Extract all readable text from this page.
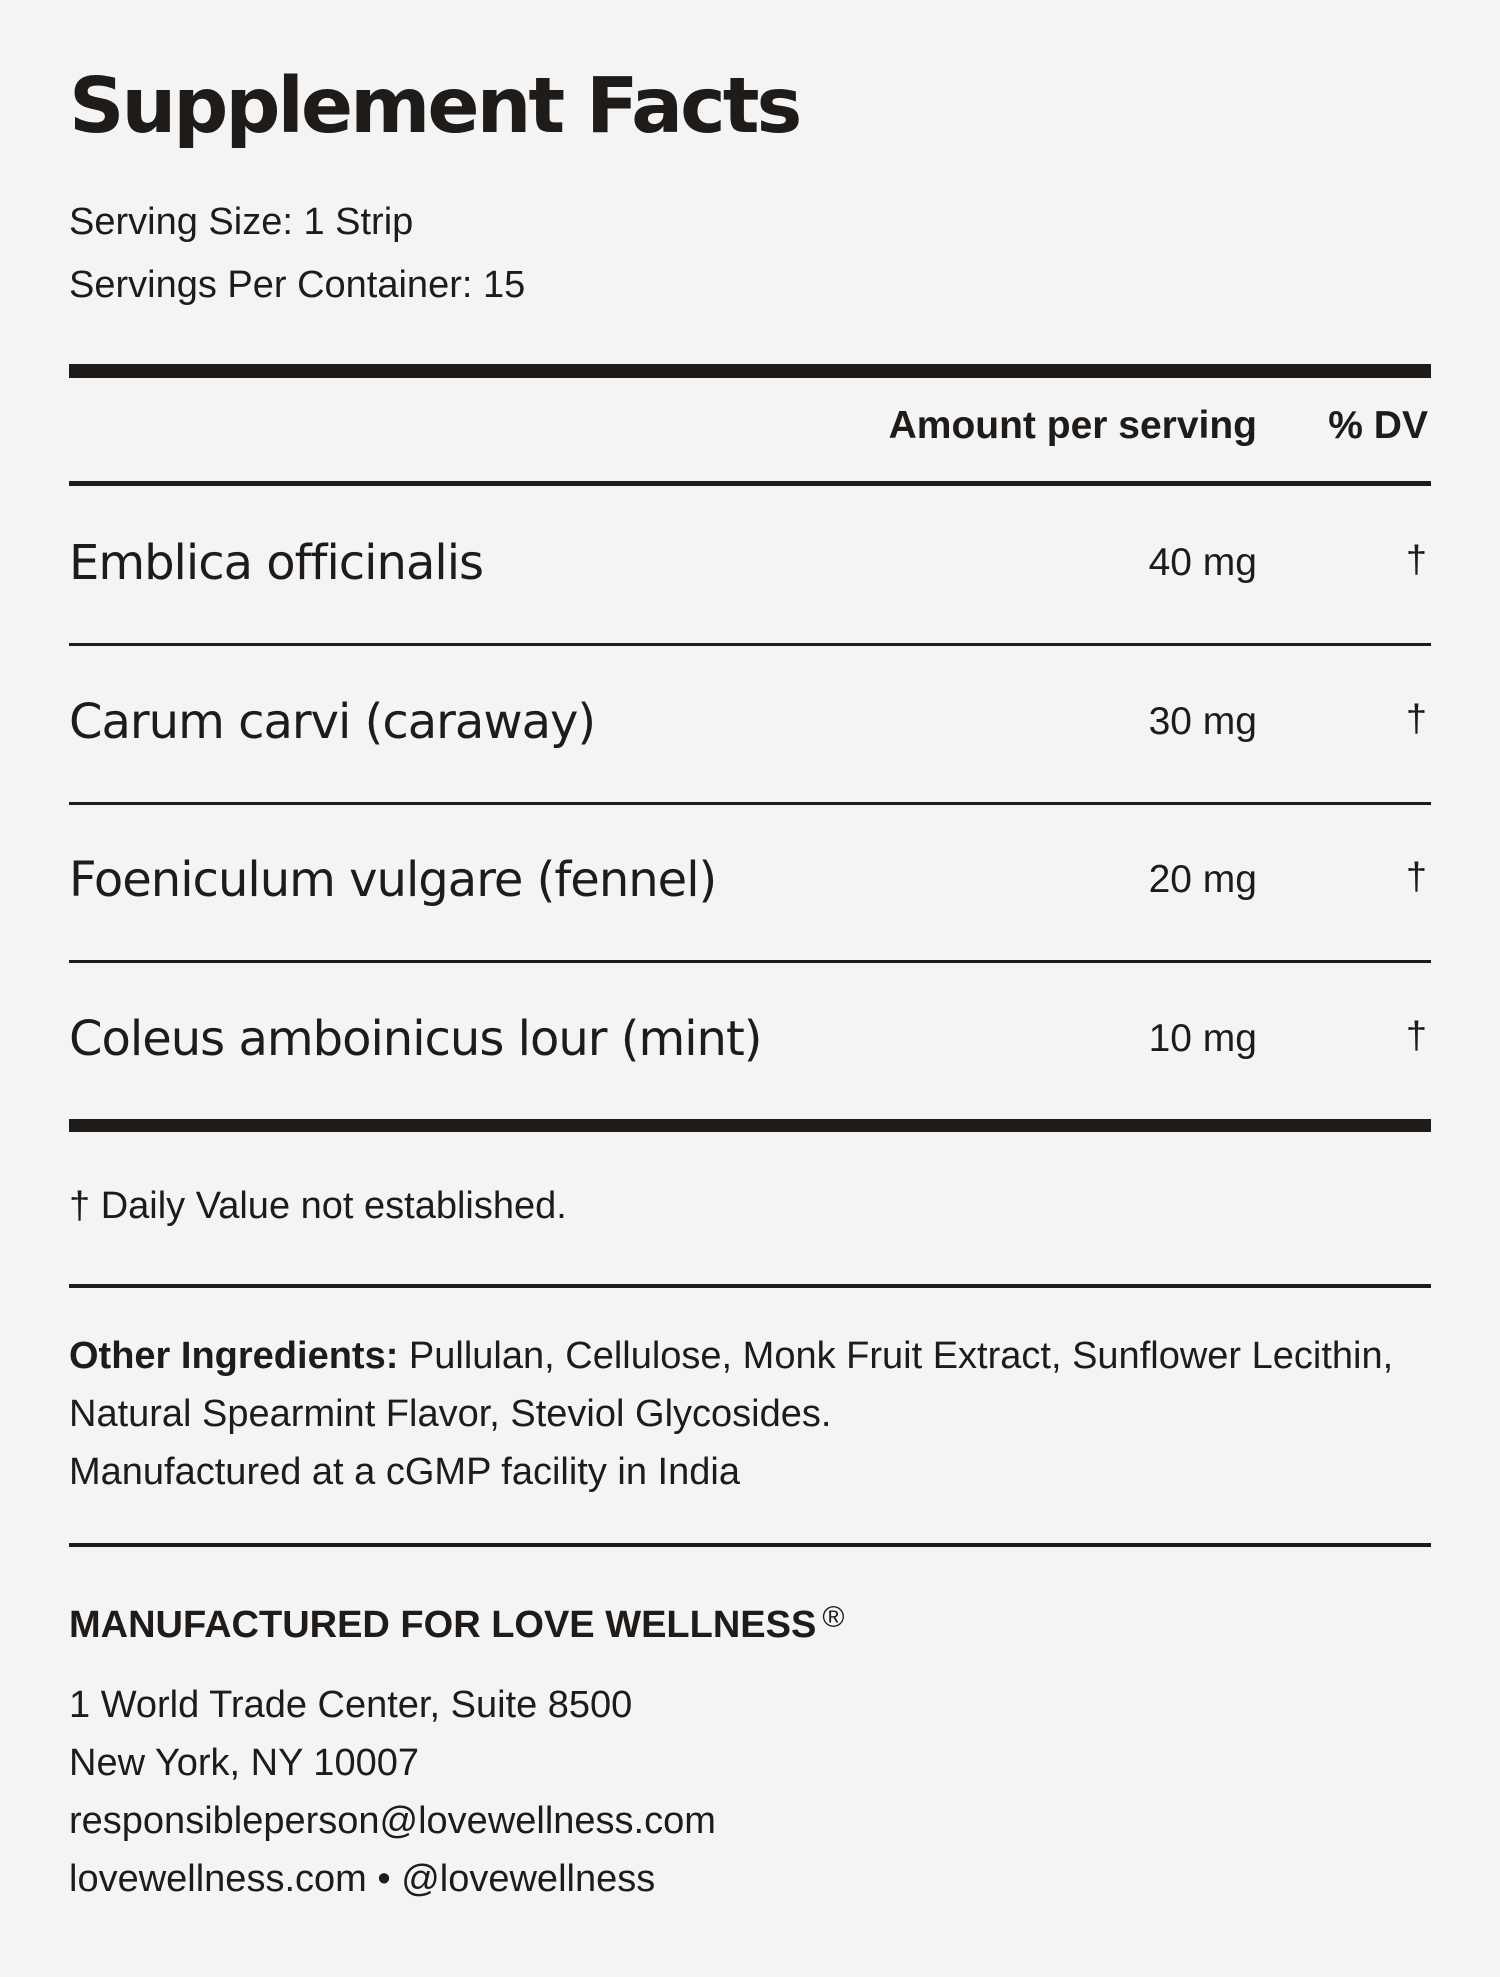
Supplement Facts
Serving Size: 1 Strip
Servings Per Container: 15
Amount per serving % DV
Emblica officinalis	40 mg	†
Carum carvi (caraway)	30 mg	†
Foeniculum vulgare (fennel)	20 mg	†
Coleus amboinicus lour (mint)	10 mg	†
† Daily Value not established.

Other Ingredients: Pullulan, Cellulose, Monk Fruit Extract, Sunflower Lecithin, Natural Spearmint Flavor, Steviol Glycosides.
Manufactured at a cGMP facility in India

MANUFACTURED FOR LOVE WELLNESS ®
1 World Trade Center, Suite 8500
New York, NY 10007
responsibleperson@lovewellness.com
lovewellness.com • @lovewellness
